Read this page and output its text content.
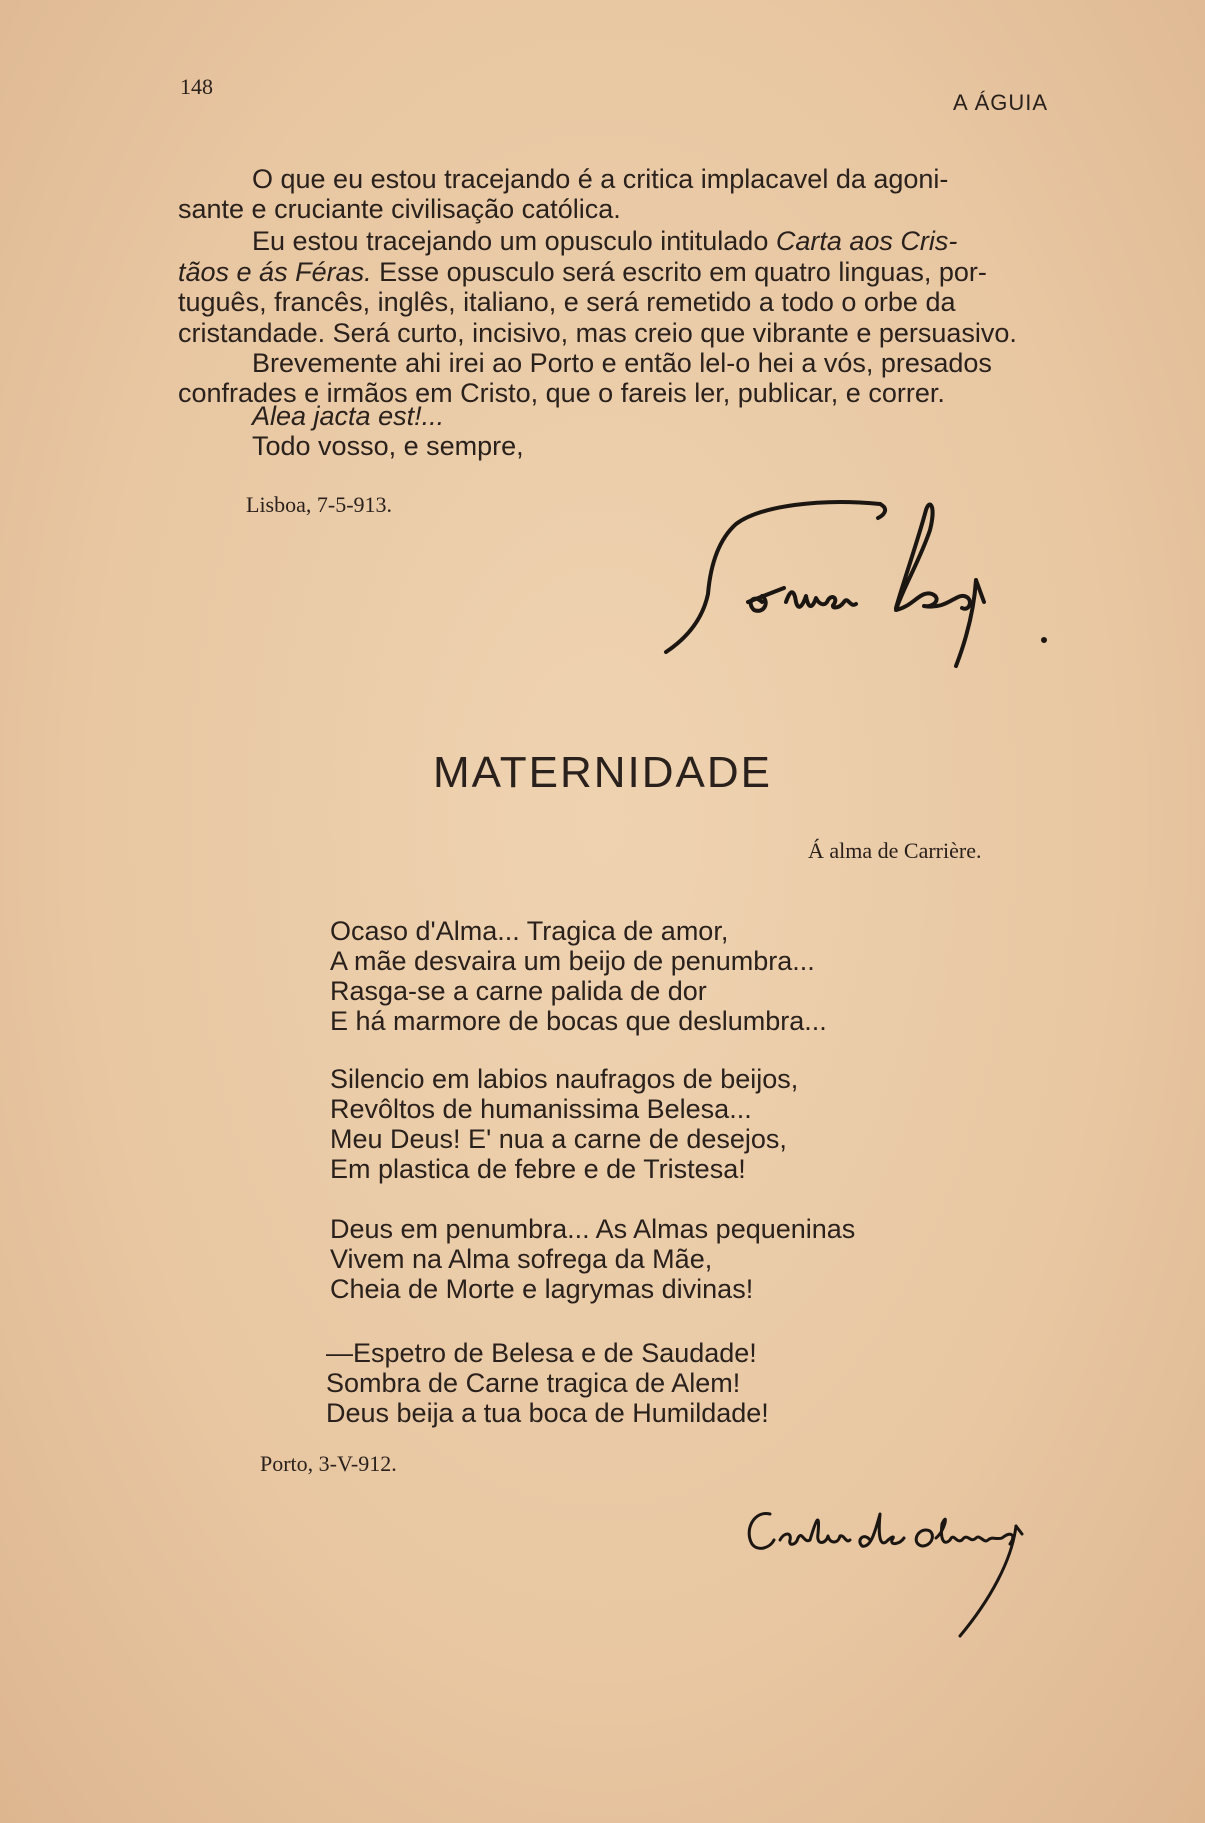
148
A ÁGUIA
O que eu estou tracejando é a critica implacavel da agoni-
sante e cruciante civilisação católica.
Eu estou tracejando um opusculo intitulado Carta aos Cris-
tãos e ás Féras. Esse opusculo será escrito em quatro linguas, por-
tuguês, francês, inglês, italiano, e será remetido a todo o orbe da
cristandade. Será curto, incisivo, mas creio que vibrante e persuasivo.
Brevemente ahi irei ao Porto e então lel-o hei a vós, presados
confrades e irmãos em Cristo, que o fareis ler, publicar, e correr.
Alea jacta est!...
Todo vosso, e sempre,
Lisboa, 7-5-913.
MATERNIDADE
Á alma de Carrière.
Ocaso d'Alma... Tragica de amor,
A mãe desvaira um beijo de penumbra...
Rasga-se a carne palida de dor
E há marmore de bocas que deslumbra...
Silencio em labios naufragos de beijos,
Revôltos de humanissima Belesa...
Meu Deus! E' nua a carne de desejos,
Em plastica de febre e de Tristesa!
Deus em penumbra... As Almas pequeninas
Vivem na Alma sofrega da Mãe,
Cheia de Morte e lagrymas divinas!
—Espetro de Belesa e de Saudade!
Sombra de Carne tragica de Alem!
Deus beija a tua boca de Humildade!
Porto, 3-V-912.
